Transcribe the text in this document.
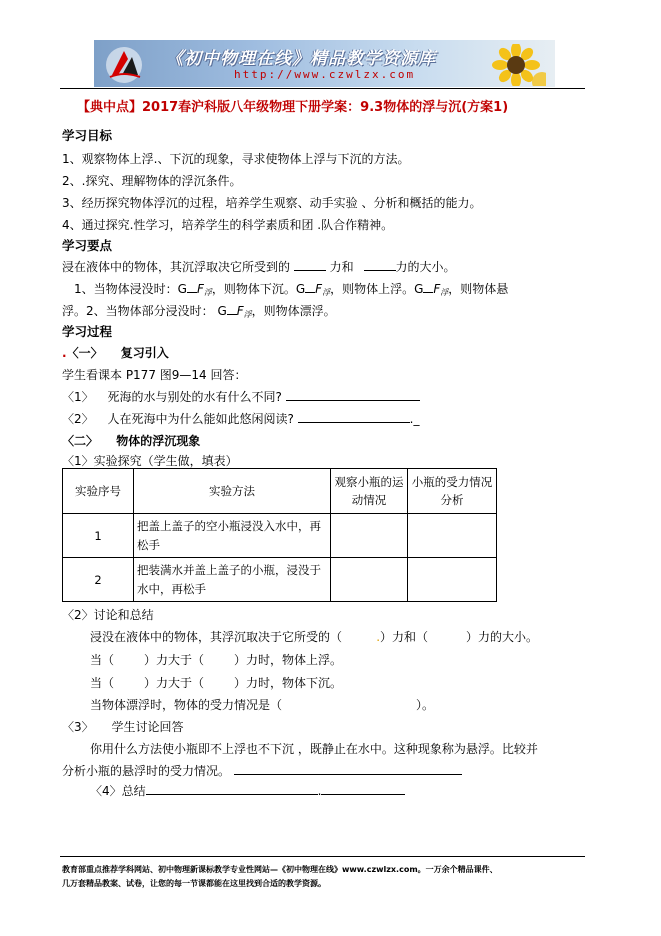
《初中物理在线》精品教学资源库
http://www.czwlzx.com
【典中点】2017春沪科版八年级物理下册学案：9.3物体的浮与沉(方案1)
学习目标
1、观察物体上浮.、下沉的现象，寻求使物体上浮与下沉的方法。
2、.探究、理解物体的浮沉条件。
3、经历探究物体浮沉的过程，培养学生观察、动手实验 、分析和概括的能力。
4、通过探究.性学习，培养学生的科学素质和团 .队合作精神。
学习要点
浸在液体中的物体，其沉浮取决它所受到的	力和	力的大小。
1、当物体浸没时：G $F_浮$，则物体下沉。G $F_浮$，则物体上浮。G $F_浮$，则物体悬
浮。2、当物体部分浸没时： G $F_浮$，则物体漂浮。
学习过程
.〈一〉 复习引入
学生看课本 P177 图9—14 回答：
〈1〉 死海的水与别处的水有什么不同?
〈2〉 人在死海中为什么能如此悠闲阅读?	._
〈二〉 物体的浮沉现象
〈1〉实验探究（学生做，填表）
实验序号	实验方法	观察小瓶的运动情况	小瓶的受力情况分析
1	把盖上盖子的空小瓶浸没入水中，再松手		
2	把装满水并盖上盖子的小瓶，浸没于水中，再松手		
〈2〉讨论和总结
浸没在液体中的物体，其浮沉取决于它所受的（	.）力和（	）力的大小。
当（	）力大于（	）力时，物体上浮。
当（	）力大于（	）力时，物体下沉。
当物体漂浮时，物体的受力情况是（	）。
〈3〉 学生讨论回答
你用什么方法使小瓶即不上浮也不下沉 ，既静止在水中。这种现象称为悬浮。比较并
分析小瓶的悬浮时的受力情况。
〈4〉总结	.
教育部重点推荐学科网站、初中物理新课标教学专业性网站—《初中物理在线》www.czwlzx.com。一万余个精品课件、
几万套精品教案、试卷，让您的每一节课都能在这里找到合适的教学资源。
